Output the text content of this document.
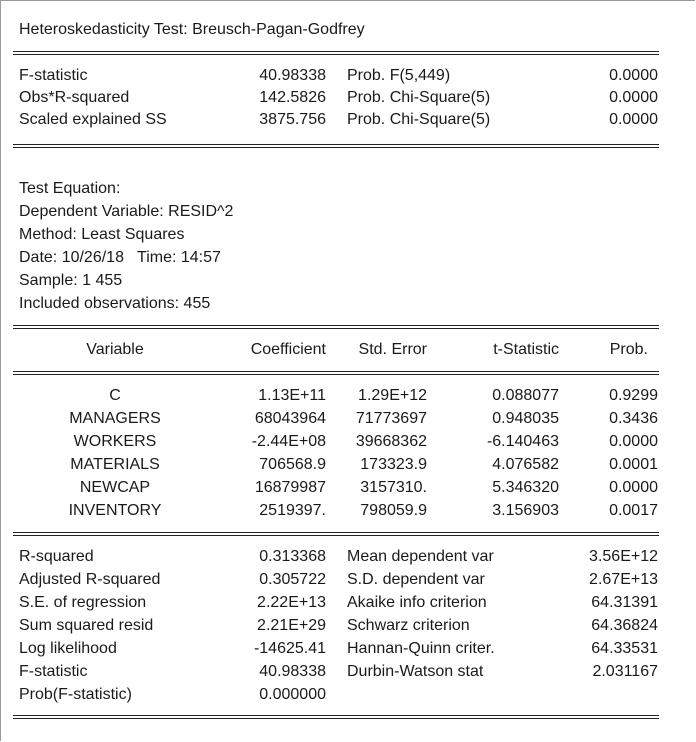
Heteroskedasticity Test: Breusch-Pagan-Godfrey
F-statistic	40.98338 Prob. F(5,449)	0.0000
Obs*R-squared	142.5826 Prob. Chi-Square(5)	0.0000
Scaled explained SS	3875.756 Prob. Chi-Square(5)	0.0000
Test Equation:
Dependent Variable: RESID^2
Method: Least Squares
Date: 10/26/18   Time: 14:57
Sample: 1 455
Included observations: 455
Variable	Coefficient	Std. Error	t-Statistic	Prob.
C	1.13E+11	1.29E+12	0.088077	0.9299
MANAGERS	68043964	71773697	0.948035	0.3436
WORKERS	-2.44E+08	39668362	-6.140463	0.0000
MATERIALS	706568.9	173323.9	4.076582	0.0001
NEWCAP	16879987	3157310.	5.346320	0.0000
INVENTORY	2519397.	798059.9	3.156903	0.0017
R-squared	0.313368 Mean dependent var	3.56E+12
Adjusted R-squared	0.305722 S.D. dependent var	2.67E+13
S.E. of regression	2.22E+13 Akaike info criterion	64.31391
Sum squared resid	2.21E+29 Schwarz criterion	64.36824
Log likelihood	-14625.41 Hannan-Quinn criter.	64.33531
F-statistic	40.98338 Durbin-Watson stat	2.031167
Prob(F-statistic)	0.000000
